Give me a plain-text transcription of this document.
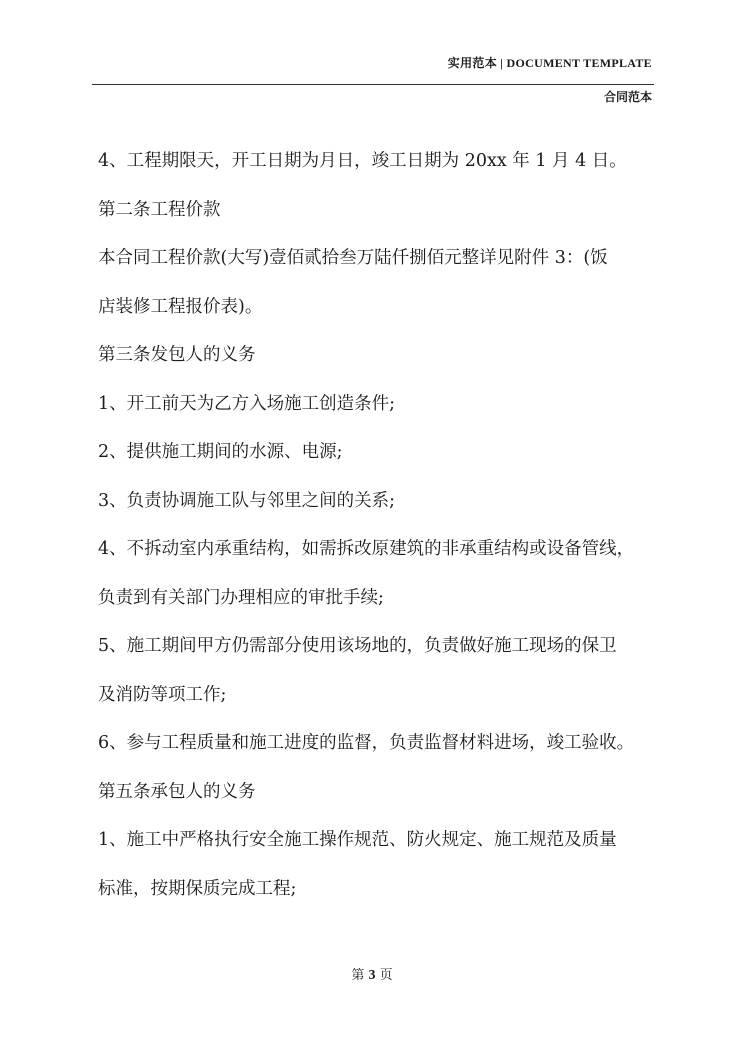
实用范本 | DOCUMENT TEMPLATE
合同范本

4、工程期限天，开工日期为月日，竣工日期为 20xx 年 1 月 4 日。

第二条工程价款

本合同工程价款(大写)壹佰贰拾叁万陆仟捌佰元整详见附件 3：(饭

店装修工程报价表)。

第三条发包人的义务

1、开工前天为乙方入场施工创造条件;

2、提供施工期间的水源、电源;

3、负责协调施工队与邻里之间的关系;

4、不拆动室内承重结构，如需拆改原建筑的非承重结构或设备管线，

负责到有关部门办理相应的审批手续;

5、施工期间甲方仍需部分使用该场地的，负责做好施工现场的保卫

及消防等项工作;

6、参与工程质量和施工进度的监督，负责监督材料进场，竣工验收。

第五条承包人的义务

1、施工中严格执行安全施工操作规范、防火规定、施工规范及质量

标准，按期保质完成工程;

第 3 页
